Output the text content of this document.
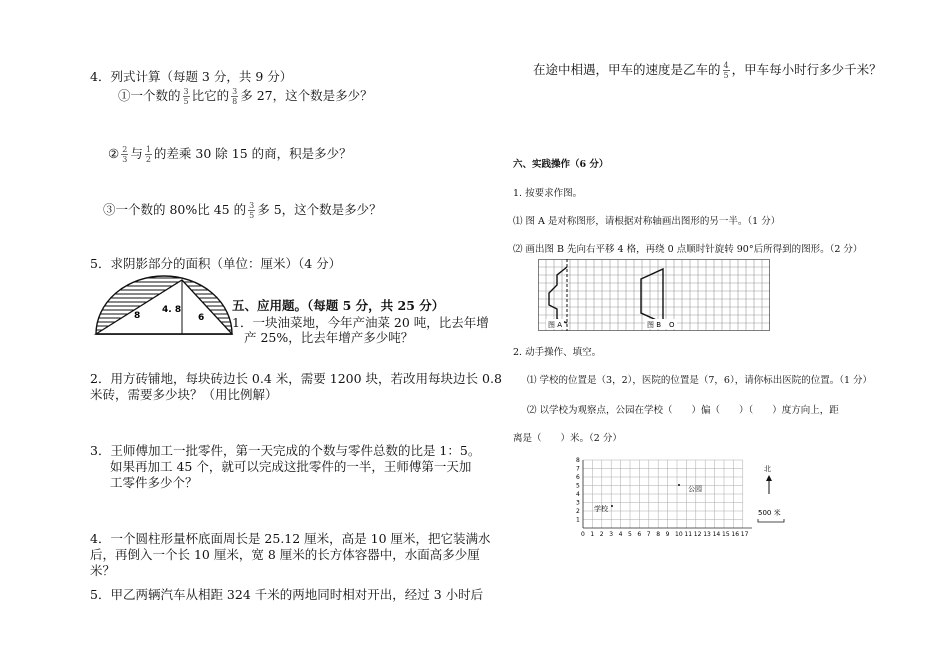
4．列式计算（每题 3 分，共 9 分）
①一个数的 $\frac{3}{5}$ 比它的 $\frac{3}{8}$ 多 27，这个数是多少？
② $\frac{2}{3}$ 与 $\frac{1}{2}$ 的差乘 30 除 15 的商，积是多少？
③一个数的 80%比 45 的 $\frac{3}{5}$ 多 5，这个数是多少？
5．求阴影部分的面积（单位：厘米）（4 分）
8
4. 8
6
五、应用题。（每题 5 分，共 25 分）
1．一块油菜地，今年产油菜 20 吨，比去年增
产 25%，比去年增产多少吨？
2．用方砖铺地，每块砖边长 0.4 米，需要 1200 块，若改用每块边长 0.8
米砖，需要多少块？（用比例解）
3．王师傅加工一批零件，第一天完成的个数与零件总数的比是 1：5。
如果再加工 45 个，就可以完成这批零件的一半，王师傅第一天加
工零件多少个？
4．一个圆柱形量杯底面周长是 25.12 厘米，高是 10 厘米，把它装满水
后，再倒入一个长 10 厘米，宽 8 厘米的长方体容器中，水面高多少厘
米？
5．甲乙两辆汽车从相距 324 千米的两地同时相对开出，经过 3 小时后
在途中相遇，甲车的速度是乙车的 $\frac{4}{5}$ ，甲车每小时行多少千米？
六、实践操作（6 分）
1. 按要求作图。
⑴ 图 A 是对称图形，请根据对称轴画出图形的另一半。（1 分）
⑵ 画出图 B 先向右平移 4 格，再绕 0 点顺时针旋转 90°后所得到的图形。（2 分）
图 A	图 B O
2. 动手操作、填空。
⑴ 学校的位置是（3，2），医院的位置是（7，6），请你标出医院的位置。（1 分）
⑵ 以学校为观察点，公园在学校（　　）偏（　　）（　　）度方向上，距
离是（　　）米。（2 分）
0 1 2 3 4 5 6 7 8 9 10 11 12 13 14 15 16 17
1
2
3
4
5
6
7
8
公园
学校
北
500 米
